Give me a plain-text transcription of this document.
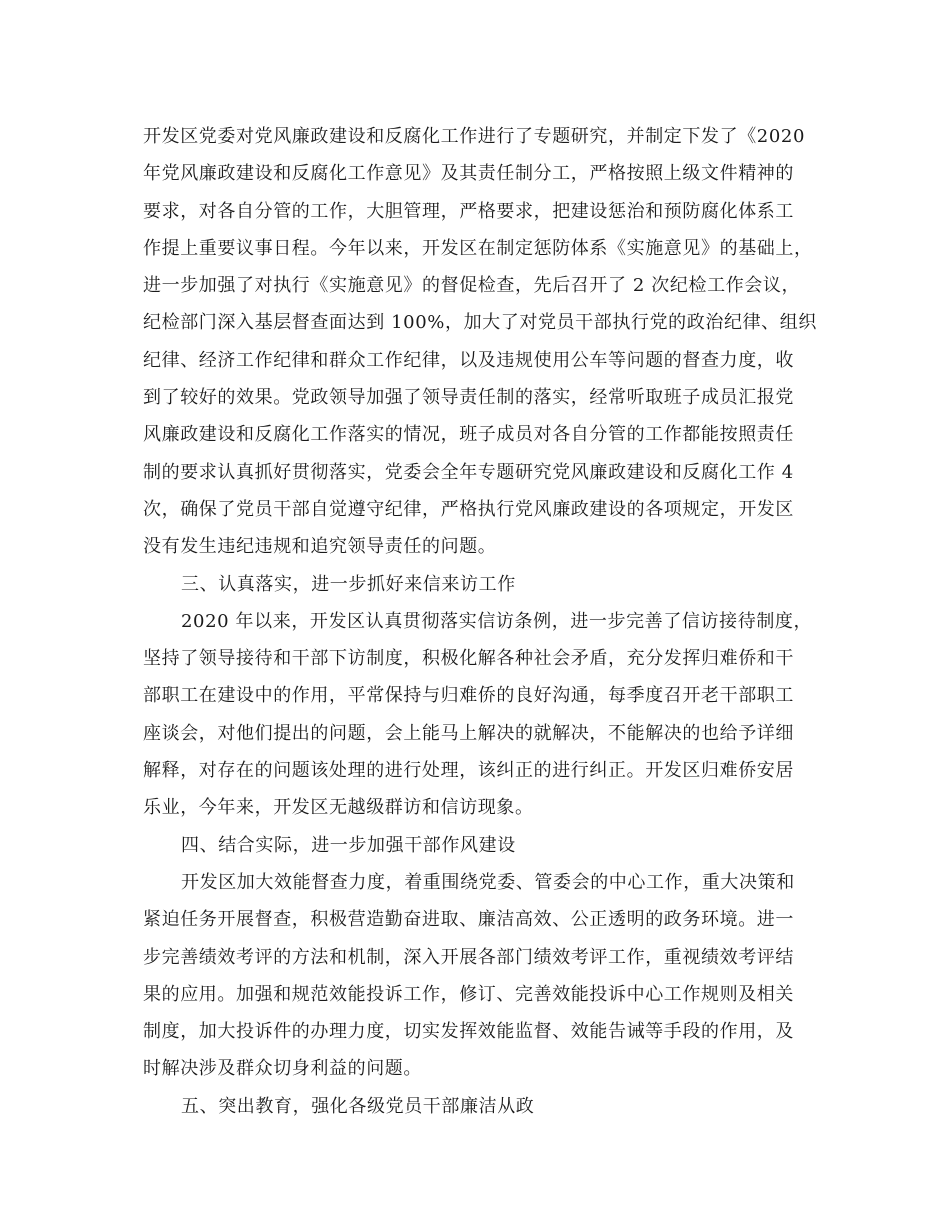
开发区党委对党风廉政建设和反腐化工作进行了专题研究，并制定下发了《2020
年党风廉政建设和反腐化工作意见》及其责任制分工，严格按照上级文件精神的
要求，对各自分管的工作，大胆管理，严格要求，把建设惩治和预防腐化体系工
作提上重要议事日程。今年以来，开发区在制定惩防体系《实施意见》的基础上，
进一步加强了对执行《实施意见》的督促检查，先后召开了 2 次纪检工作会议，
纪检部门深入基层督查面达到 100%，加大了对党员干部执行党的政治纪律、组织
纪律、经济工作纪律和群众工作纪律，以及违规使用公车等问题的督查力度，收
到了较好的效果。党政领导加强了领导责任制的落实，经常听取班子成员汇报党
风廉政建设和反腐化工作落实的情况，班子成员对各自分管的工作都能按照责任
制的要求认真抓好贯彻落实，党委会全年专题研究党风廉政建设和反腐化工作 4
次，确保了党员干部自觉遵守纪律，严格执行党风廉政建设的各项规定，开发区
没有发生违纪违规和追究领导责任的问题。
三、认真落实，进一步抓好来信来访工作
2020 年以来，开发区认真贯彻落实信访条例，进一步完善了信访接待制度，
坚持了领导接待和干部下访制度，积极化解各种社会矛盾，充分发挥归难侨和干
部职工在建设中的作用，平常保持与归难侨的良好沟通，每季度召开老干部职工
座谈会，对他们提出的问题，会上能马上解决的就解决，不能解决的也给予详细
解释，对存在的问题该处理的进行处理，该纠正的进行纠正。开发区归难侨安居
乐业，今年来，开发区无越级群访和信访现象。
四、结合实际，进一步加强干部作风建设
开发区加大效能督查力度，着重围绕党委、管委会的中心工作，重大决策和
紧迫任务开展督查，积极营造勤奋进取、廉洁高效、公正透明的政务环境。进一
步完善绩效考评的方法和机制，深入开展各部门绩效考评工作，重视绩效考评结
果的应用。加强和规范效能投诉工作，修订、完善效能投诉中心工作规则及相关
制度，加大投诉件的办理力度，切实发挥效能监督、效能告诫等手段的作用，及
时解决涉及群众切身利益的问题。
五、突出教育，强化各级党员干部廉洁从政
